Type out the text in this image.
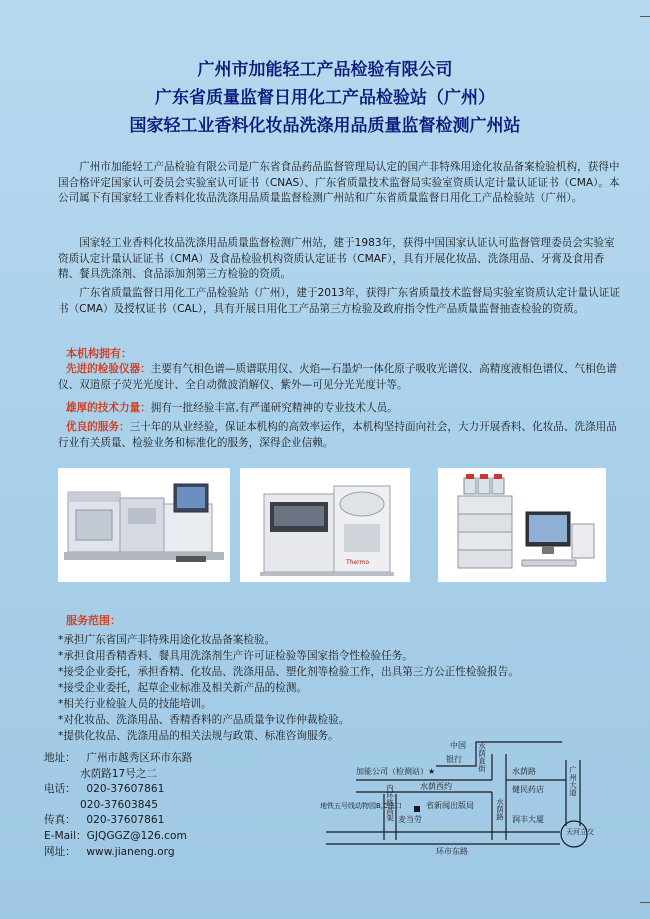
广州市加能轻工产品检验有限公司
广东省质量监督日用化工产品检验站（广州）
国家轻工业香料化妆品洗涤用品质量监督检测广州站
广州市加能轻工产品检验有限公司是广东省食品药品监督管理局认定的国产非特殊用途化妆品备案检验机构，获得中国合格评定国家认可委员会实验室认可证书（CNAS）、广东省质量技术监督局实验室资质认定计量认证证书（CMA）。本公司属下有国家轻工业香料化妆品洗涤用品质量监督检测广州站和广东省质量监督日用化工产品检验站（广州）。
国家轻工业香料化妆品洗涤用品质量监督检测广州站，建于1983年，获得中国国家认证认可监督管理委员会实验室资质认定计量认证证书（CMA）及食品检验机构资质认定证书（CMAF），具有开展化妆品、洗涤用品、牙膏及食用香精、餐具洗涤剂、食品添加剂第三方检验的资质。
广东省质量监督日用化工产品检验站（广州），建于2013年，获得广东省质量技术监督局实验室资质认定计量认证证书（CMA）及授权证书（CAL），具有开展日用化工产品第三方检验及政府指令性产品质量监督抽查检验的资质。
本机构拥有：
先进的检验仪器：主要有气相色谱—质谱联用仪、火焰—石墨炉一体化原子吸收光谱仪、高精度液相色谱仪、气相色谱仪、双道原子荧光光度计、全自动微波消解仪、紫外—可见分光光度计等。
雄厚的技术力量：拥有一批经验丰富,有严谨研究精神的专业技术人员。
优良的服务：三十年的从业经验，保证本机构的高效率运作，本机构坚持面向社会，大力开展香料、化妆品、洗涤用品行业有关质量、检验业务和标准化的服务，深得企业信赖。
Thermo
服务范围：
*承担广东省国产非特殊用途化妆品备案检验。
*承担食用香精香料、餐具用洗涤剂生产许可证检验等国家指令性检验任务。
*接受企业委托，承担香精、化妆品、洗涤用品、塑化剂等检验工作，出具第三方公正性检验报告。
*接受企业委托，起草企业标准及相关新产品的检测。
*相关行业检验人员的技能培训。
*对化妆品、洗涤用品、香精香料的产品质量争议作仲裁检验。
*提供化妆品、洗涤用品的相关法规与政策、标准咨询服务。
地址：  广州市越秀区环市东路
水荫路17号之二
电话：  020-37607861
020-37603845
传真：  020-37607861
E-Mail：GJQGGZ@126.com
网址：  www.jianeng.org
中国
银行
加能公司（检测站）★
水荫西约
水荫路
健民药店
省新闻出版局
麦当劳	润丰大厦
环市东路
地铁五号线动物园B,C出口
天河立交
水荫直街
水荫路
内环路高架
广州大道
